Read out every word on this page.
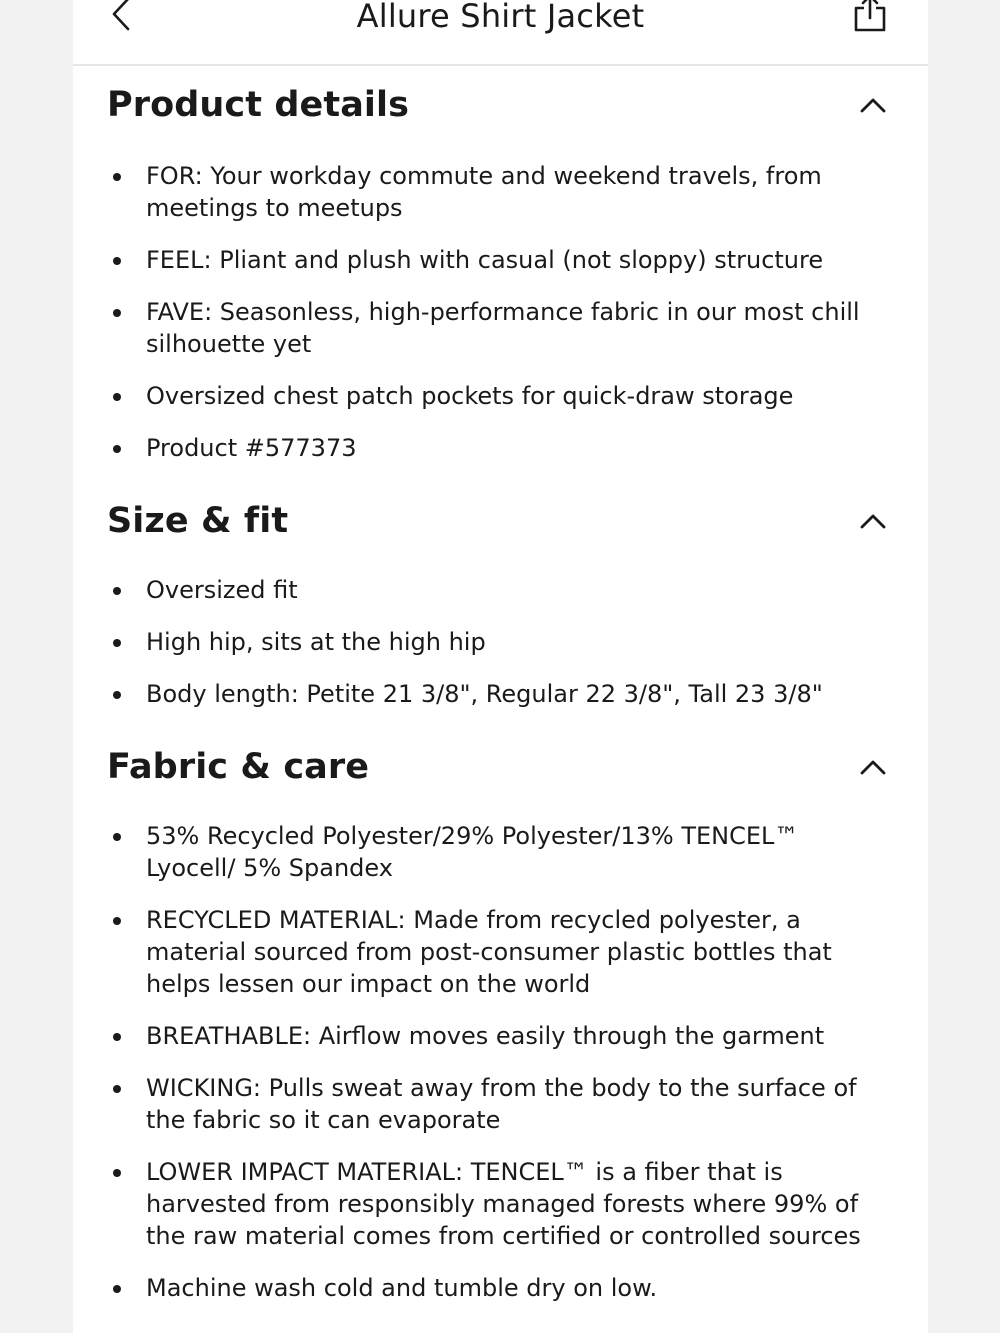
Allure Shirt Jacket
Product details
FOR: Your workday commute and weekend travels, from meetings to meetups
FEEL: Pliant and plush with casual (not sloppy) structure
FAVE: Seasonless, high-performance fabric in our most chill silhouette yet
Oversized chest patch pockets for quick-draw storage
Product #577373
Size & fit
Oversized fit
High hip, sits at the high hip
Body length: Petite 21 3/8", Regular 22 3/8", Tall 23 3/8"
Fabric & care
53% Recycled Polyester/29% Polyester/13% TENCEL™ Lyocell/ 5% Spandex
RECYCLED MATERIAL: Made from recycled polyester, a material sourced from post-consumer plastic bottles that helps lessen our impact on the world
BREATHABLE: Airflow moves easily through the garment
WICKING: Pulls sweat away from the body to the surface of the fabric so it can evaporate
LOWER IMPACT MATERIAL: TENCEL™ is a fiber that is harvested from responsibly managed forests where 99% of the raw material comes from certified or controlled sources
Machine wash cold and tumble dry on low.
